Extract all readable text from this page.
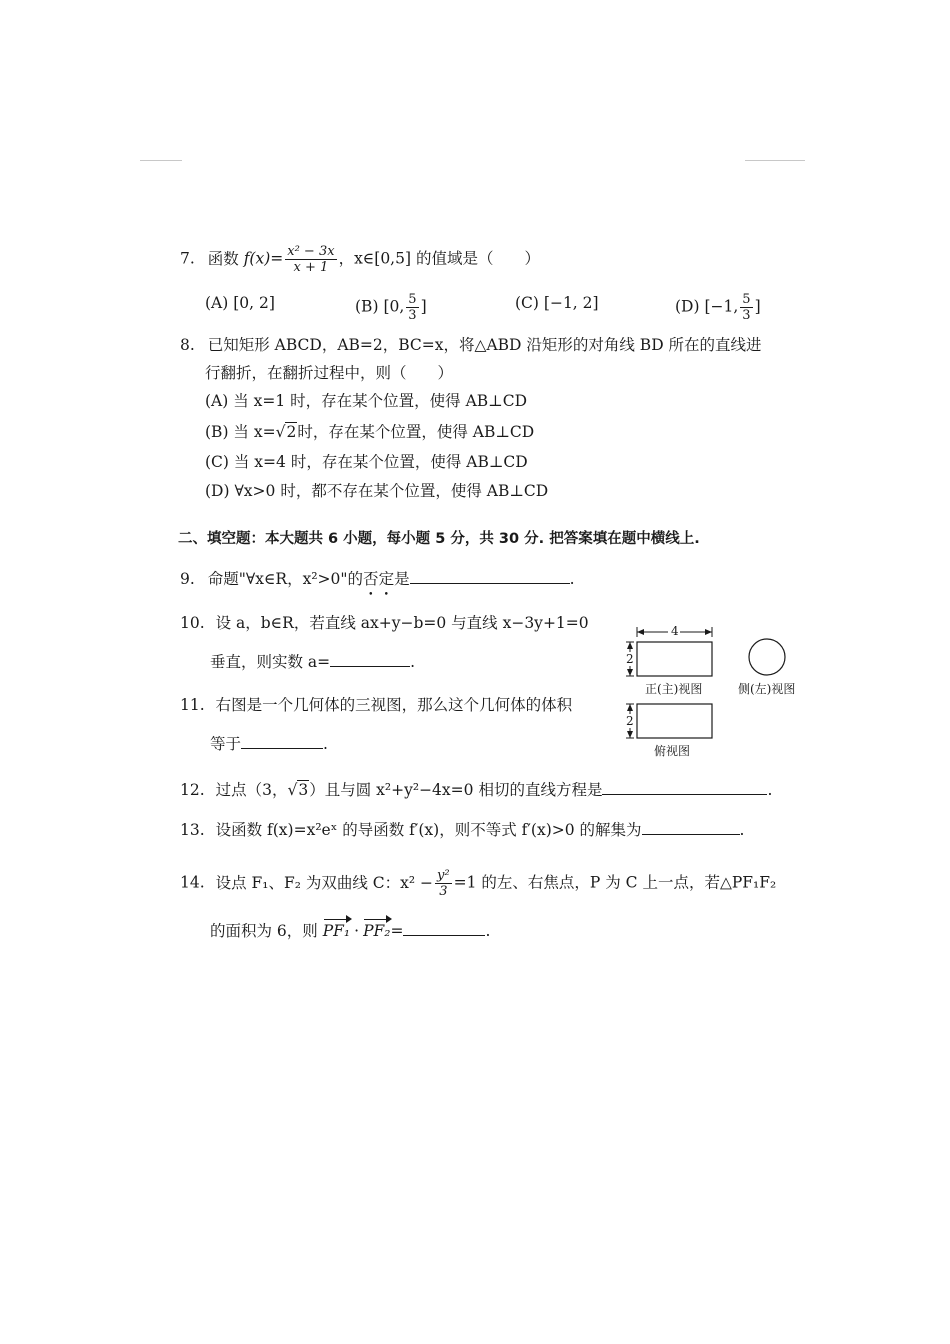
7. 函数 $f(x)= \frac{\text{x² − 3x}}{x + 1}$ ，x∈[0,5] 的值域是（　　）
(A) [0, 2]	(B) [0, $\frac{5}{3}$ ]	(C) [−1, 2]	(D) [−1, $\frac{5}{3}$ ]
8. 已知矩形 ABCD，AB=2，BC=x，将△ABD 沿矩形的对角线 BD 所在的直线进
行翻折，在翻折过程中，则（　　）
(A) 当 x=1 时，存在某个位置，使得 AB⊥CD
(B) 当 x=√2时，存在某个位置，使得 AB⊥CD
(C) 当 x=4 时，存在某个位置，使得 AB⊥CD
(D) ∀x>0 时，都不存在某个位置，使得 AB⊥CD
二、填空题：本大题共 6 小题，每小题 5 分，共 30 分. 把答案填在题中横线上.
9. 命题"∀x∈R，x²>0"的否定是	.
10. 设 a，b∈R，若直线 ax+y−b=0 与直线 x−3y+1=0
垂直，则实数 a=	.
11. 右图是一个几何体的三视图，那么这个几何体的体积
等于	.
4
2
2
正(主)视图	侧(左)视图
俯视图
12. 过点（3，√3）且与圆 x²+y²−4x=0 相切的直线方程是	.
13. 设函数 f(x)=x²eˣ 的导函数 f′(x)，则不等式 f′(x)>0 的解集为	.
14. 设点 F₁、F₂ 为双曲线 C：$x^2 - \frac{\text{y²}}{3} =1$ 的左、右焦点，P 为 C 上一点，若△PF₁F₂
的面积为 6，则 PF₁ · PF₂=	.
